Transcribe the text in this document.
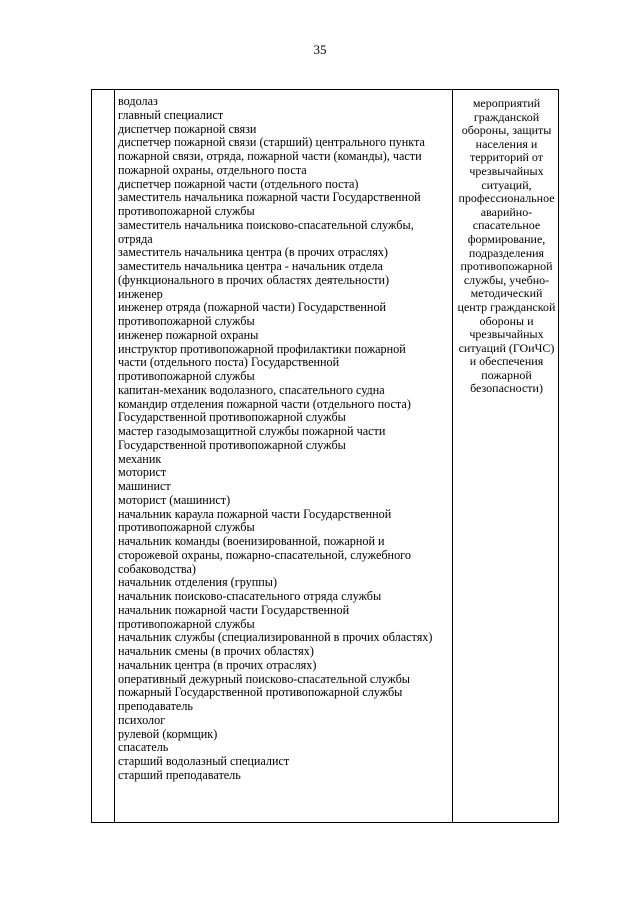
35
водолаз
главный специалист
диспетчер пожарной связи
диспетчер пожарной связи (старший) центрального пункта
пожарной связи, отряда, пожарной части (команды), части
пожарной охраны, отдельного поста
диспетчер пожарной части (отдельного поста)
заместитель начальника пожарной части Государственной
противопожарной службы
заместитель начальника поисково-спасательной службы,
отряда
заместитель начальника центра (в прочих отраслях)
заместитель начальника центра - начальник отдела
(функционального в прочих областях деятельности)
инженер
инженер отряда (пожарной части) Государственной
противопожарной службы
инженер пожарной охраны
инструктор противопожарной профилактики пожарной
части (отдельного поста) Государственной
противопожарной службы
капитан-механик водолазного, спасательного судна
командир отделения пожарной части (отдельного поста)
Государственной противопожарной службы
мастер газодымозащитной службы пожарной части
Государственной противопожарной службы
механик
моторист
машинист
моторист (машинист)
начальник караула пожарной части Государственной
противопожарной службы
начальник команды (военизированной, пожарной и
сторожевой охраны, пожарно-спасательной, служебного
собаководства)
начальник отделения (группы)
начальник поисково-спасательного отряда службы
начальник пожарной части Государственной
противопожарной службы
начальник службы (специализированной в прочих областях)
начальник смены (в прочих областях)
начальник центра (в прочих отраслях)
оперативный дежурный поисково-спасательной службы
пожарный Государственной противопожарной службы
преподаватель
психолог
рулевой (кормщик)
спасатель
старший водолазный специалист
старший преподаватель
мероприятий
гражданской
обороны, защиты
населения и
территорий от
чрезвычайных
ситуаций,
профессиональное
аварийно-
спасательное
формирование,
подразделения
противопожарной
службы, учебно-
методический
центр гражданской
обороны и
чрезвычайных
ситуаций (ГОиЧС)
и обеспечения
пожарной
безопасности)
